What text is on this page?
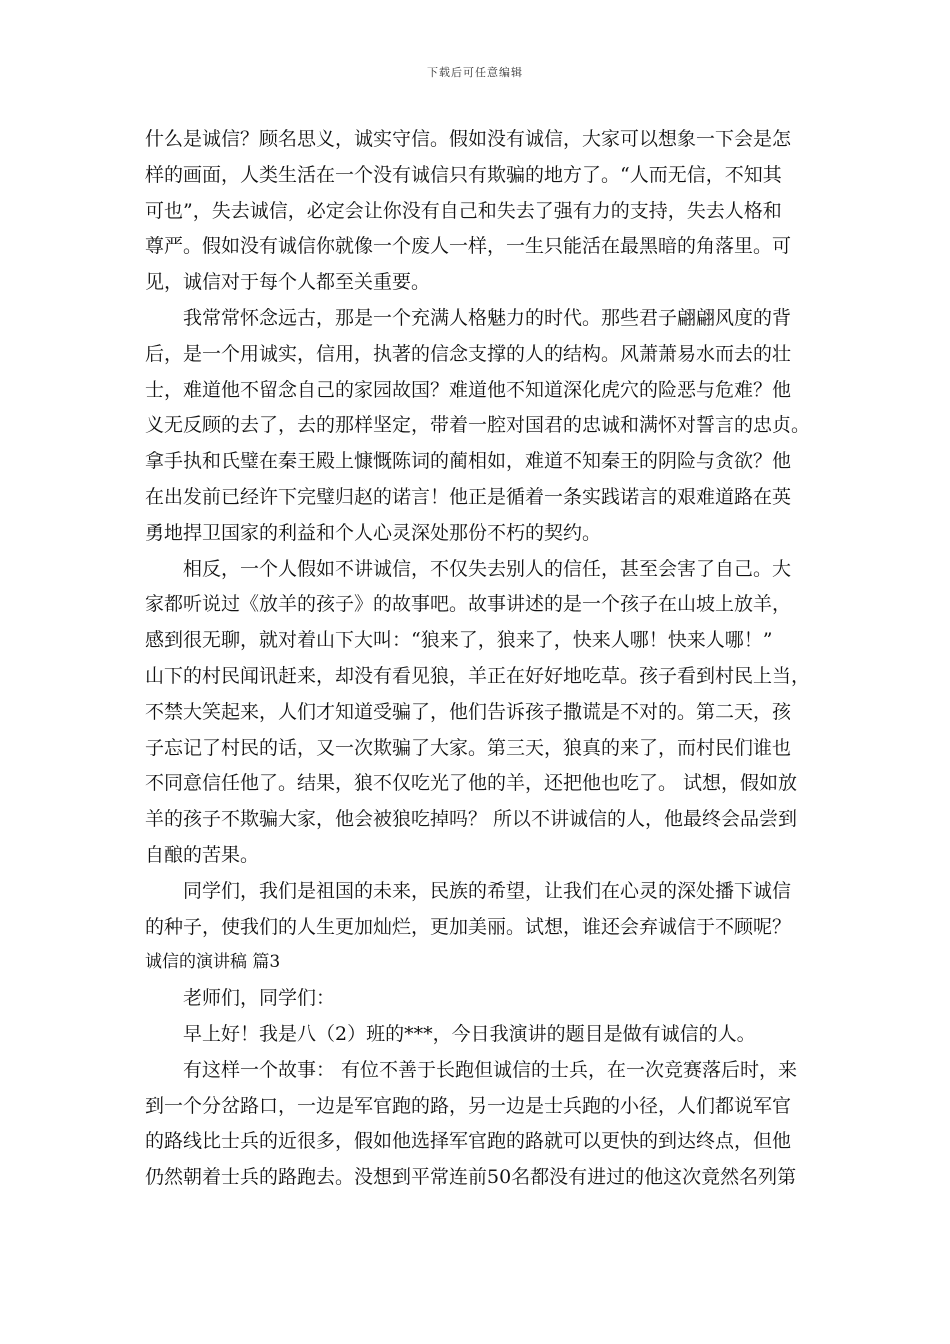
下载后可任意编辑
什么是诚信？顾名思义，诚实守信。假如没有诚信，大家可以想象一下会是怎
样的画面，人类生活在一个没有诚信只有欺骗的地方了。“人而无信，不知其
可也”，失去诚信，必定会让你没有自己和失去了强有力的支持，失去人格和
尊严。假如没有诚信你就像一个废人一样，一生只能活在最黑暗的角落里。可
见，诚信对于每个人都至关重要。
我常常怀念远古，那是一个充满人格魅力的时代。那些君子翩翩风度的背
后，是一个用诚实，信用，执著的信念支撑的人的结构。风萧萧易水而去的壮
士，难道他不留念自己的家园故国？难道他不知道深化虎穴的险恶与危难？他
义无反顾的去了，去的那样坚定，带着一腔对国君的忠诚和满怀对誓言的忠贞。
拿手执和氏璧在秦王殿上慷慨陈词的蔺相如，难道不知秦王的阴险与贪欲？他
在出发前已经许下完璧归赵的诺言！他正是循着一条实践诺言的艰难道路在英
勇地捍卫国家的利益和个人心灵深处那份不朽的契约。
相反，一个人假如不讲诚信，不仅失去别人的信任，甚至会害了自己。大
家都听说过《放羊的孩子》的故事吧。故事讲述的是一个孩子在山坡上放羊，
感到很无聊，就对着山下大叫：“狼来了，狼来了，快来人哪！快来人哪！”
山下的村民闻讯赶来，却没有看见狼，羊正在好好地吃草。孩子看到村民上当，
不禁大笑起来，人们才知道受骗了，他们告诉孩子撒谎是不对的。第二天，孩
子忘记了村民的话，又一次欺骗了大家。第三天，狼真的来了，而村民们谁也
不同意信任他了。结果，狼不仅吃光了他的羊，还把他也吃了。 试想，假如放
羊的孩子不欺骗大家，他会被狼吃掉吗？ 所以不讲诚信的人，他最终会品尝到
自酿的苦果。
同学们，我们是祖国的未来，民族的希望，让我们在心灵的深处播下诚信
的种子，使我们的人生更加灿烂，更加美丽。试想，谁还会弃诚信于不顾呢？
诚信的演讲稿 篇3
老师们，同学们：
早上好！我是八（2）班的***，今日我演讲的题目是做有诚信的人。
有这样一个故事： 有位不善于长跑但诚信的士兵，在一次竞赛落后时，来
到一个分岔路口，一边是军官跑的路，另一边是士兵跑的小径，人们都说军官
的路线比士兵的近很多，假如他选择军官跑的路就可以更快的到达终点，但他
仍然朝着士兵的路跑去。没想到平常连前50名都没有进过的他这次竟然名列第
